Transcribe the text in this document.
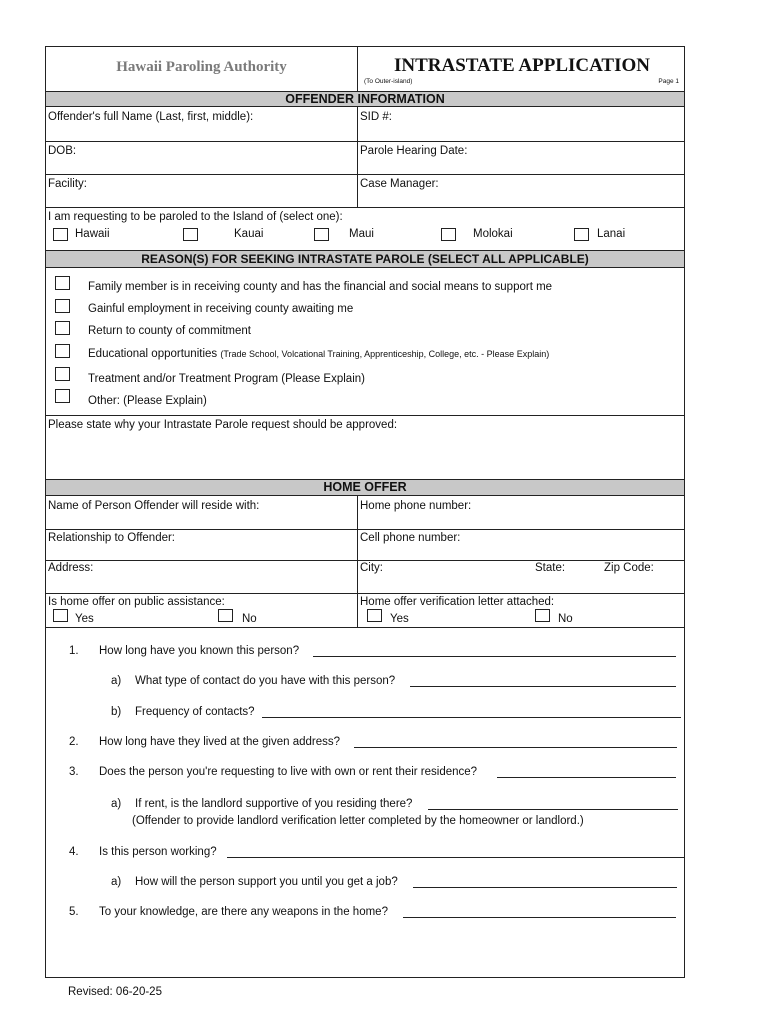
Hawaii Paroling Authority	INTRASTATE APPLICATION
(To Outer-island)	Page 1
OFFENDER INFORMATION
Offender's full Name (Last, first, middle):	SID #:
DOB:	Parole Hearing Date:
Facility:	Case Manager:
I am requesting to be paroled to the Island of (select one):
Hawaii	Kauai	Maui	Molokai	Lanai
REASON(S) FOR SEEKING INTRASTATE PAROLE (SELECT ALL APPLICABLE)
Family member is in receiving county and has the financial and social means to support me
Gainful employment in receiving county awaiting me
Return to county of commitment
Educational opportunities (Trade School, Volcational Training, Apprenticeship, College, etc. - Please Explain)
Treatment and/or Treatment Program (Please Explain)
Other: (Please Explain)
Please state why your Intrastate Parole request should be approved:
HOME OFFER
Name of Person Offender will reside with:	Home phone number:
Relationship to Offender:	Cell phone number:
Address:	City:	State:	Zip Code:
Is home offer on public assistance:
Yes	No
Home offer verification letter attached:
Yes	No
1. How long have you known this person?
a) What type of contact do you have with this person?
b) Frequency of contacts?
2. How long have they lived at the given address?
3. Does the person you're requesting to live with own or rent their residence?
a) If rent, is the landlord supportive of you residing there?
(Offender to provide landlord verification letter completed by the homeowner or landlord.)
4. Is this person working?
a) How will the person support you until you get a job?
5. To your knowledge, are there any weapons in the home?
Revised: 06-20-25
